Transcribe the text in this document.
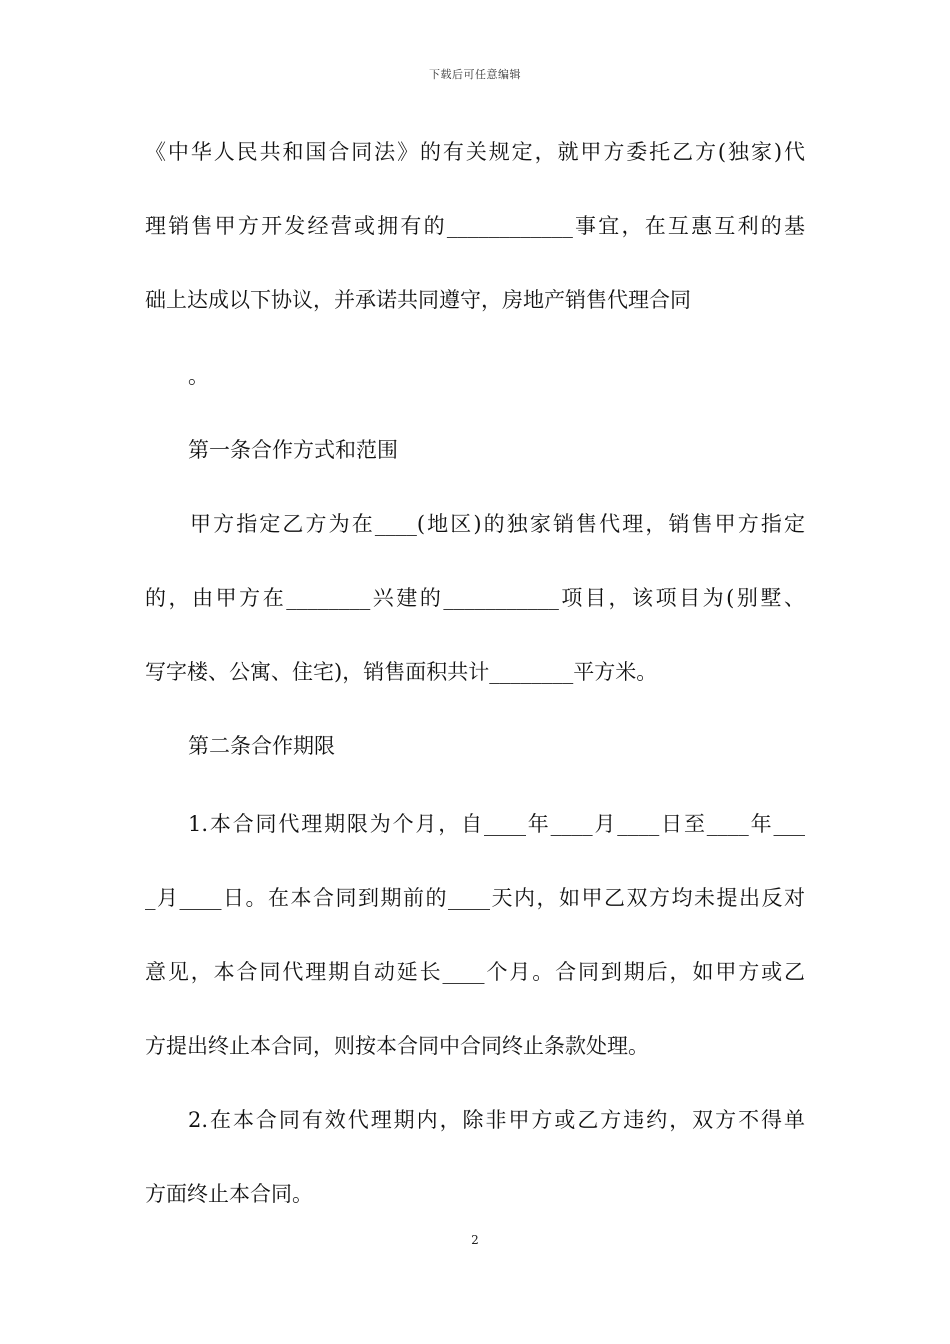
下载后可任意编辑
《中华人民共和国合同法》的有关规定，就甲方委托乙方(独家)代
理销售甲方开发经营或拥有的____________事宜，在互惠互利的基
础上达成以下协议，并承诺共同遵守，房地产销售代理合同
。
第一条合作方式和范围
甲方指定乙方为在____(地区)的独家销售代理，销售甲方指定
的，由甲方在________兴建的___________项目，该项目为(别墅、
写字楼、公寓、住宅)，销售面积共计________平方米。
第二条合作期限
1.本合同代理期限为个月，自____年____月____日至____年___
_月____日。在本合同到期前的____天内，如甲乙双方均未提出反对
意见，本合同代理期自动延长____个月。合同到期后，如甲方或乙
方提出终止本合同，则按本合同中合同终止条款处理。
2.在本合同有效代理期内，除非甲方或乙方违约，双方不得单
方面终止本合同。
2
